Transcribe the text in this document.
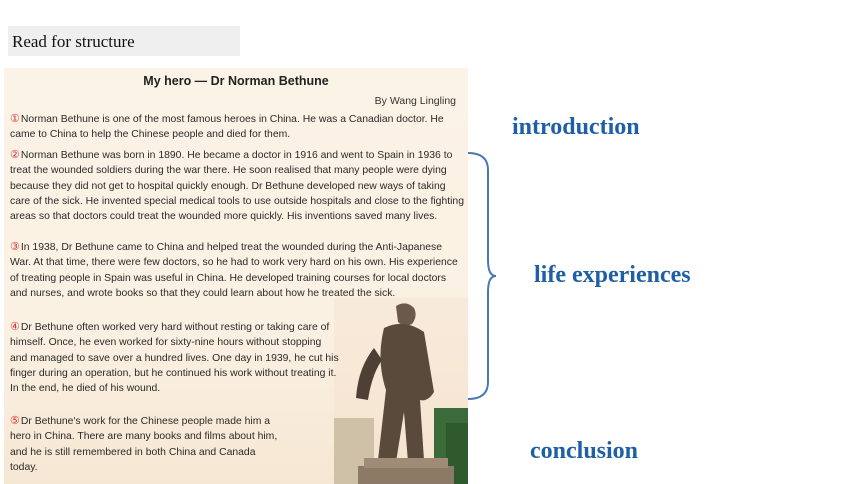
Read for structure
My hero — Dr Norman Bethune
By Wang Lingling
①Norman Bethune is one of the most famous heroes in China. He was a Canadian doctor. He came to China to help the Chinese people and died for them.
②Norman Bethune was born in 1890. He became a doctor in 1916 and went to Spain in 1936 to treat the wounded soldiers during the war there. He soon realised that many people were dying because they did not get to hospital quickly enough. Dr Bethune developed new ways of taking care of the sick. He invented special medical tools to use outside hospitals and close to the fighting areas so that doctors could treat the wounded more quickly. His inventions saved many lives.
③In 1938, Dr Bethune came to China and helped treat the wounded during the Anti-Japanese War. At that time, there were few doctors, so he had to work very hard on his own. His experience of treating people in Spain was useful in China. He developed training courses for local doctors and nurses, and wrote books so that they could learn about how he treated the sick.
④Dr Bethune often worked very hard without resting or taking care of himself. Once, he even worked for sixty-nine hours without stopping and managed to save over a hundred lives. One day in 1939, he cut his finger during an operation, but he continued his work without treating it. In the end, he died of his wound.
⑤Dr Bethune's work for the Chinese people made him a hero in China. There are many books and films about him, and he is still remembered in both China and Canada today.
introduction
life experiences
conclusion
